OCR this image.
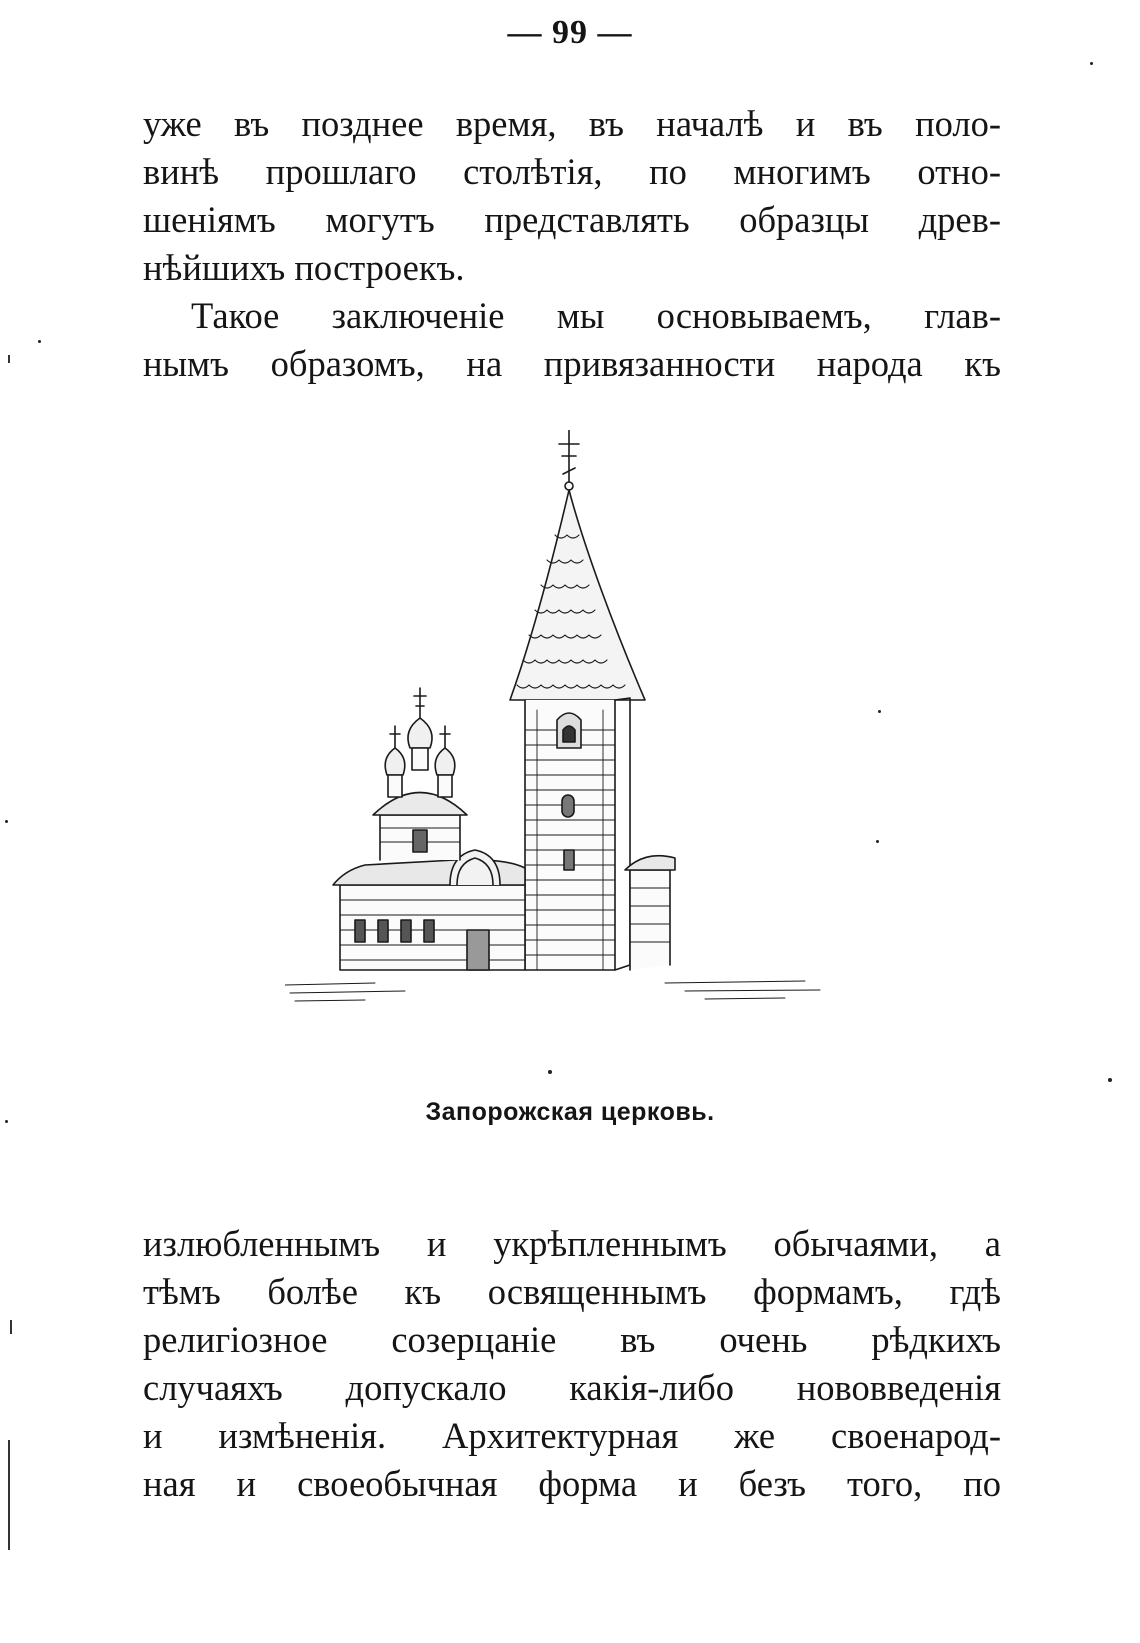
— 99 —
уже въ позднее время, въ началѣ и въ поло-
винѣ прошлаго столѣтія, по многимъ отно-
шеніямъ могутъ представлять образцы древ-
нѣйшихъ построекъ.
Такое заключеніе мы основываемъ, глав-
нымъ образомъ, на привязанности народа къ
Запорожская церковь.
излюбленнымъ и укрѣпленнымъ обычаями, а
тѣмъ болѣе къ освященнымъ формамъ, гдѣ
религіозное созерцаніе въ очень рѣдкихъ
случаяхъ допускало какія-либо нововведенія
и измѣненія. Архитектурная же своенарод-
ная и своеобычная форма и безъ того, по
